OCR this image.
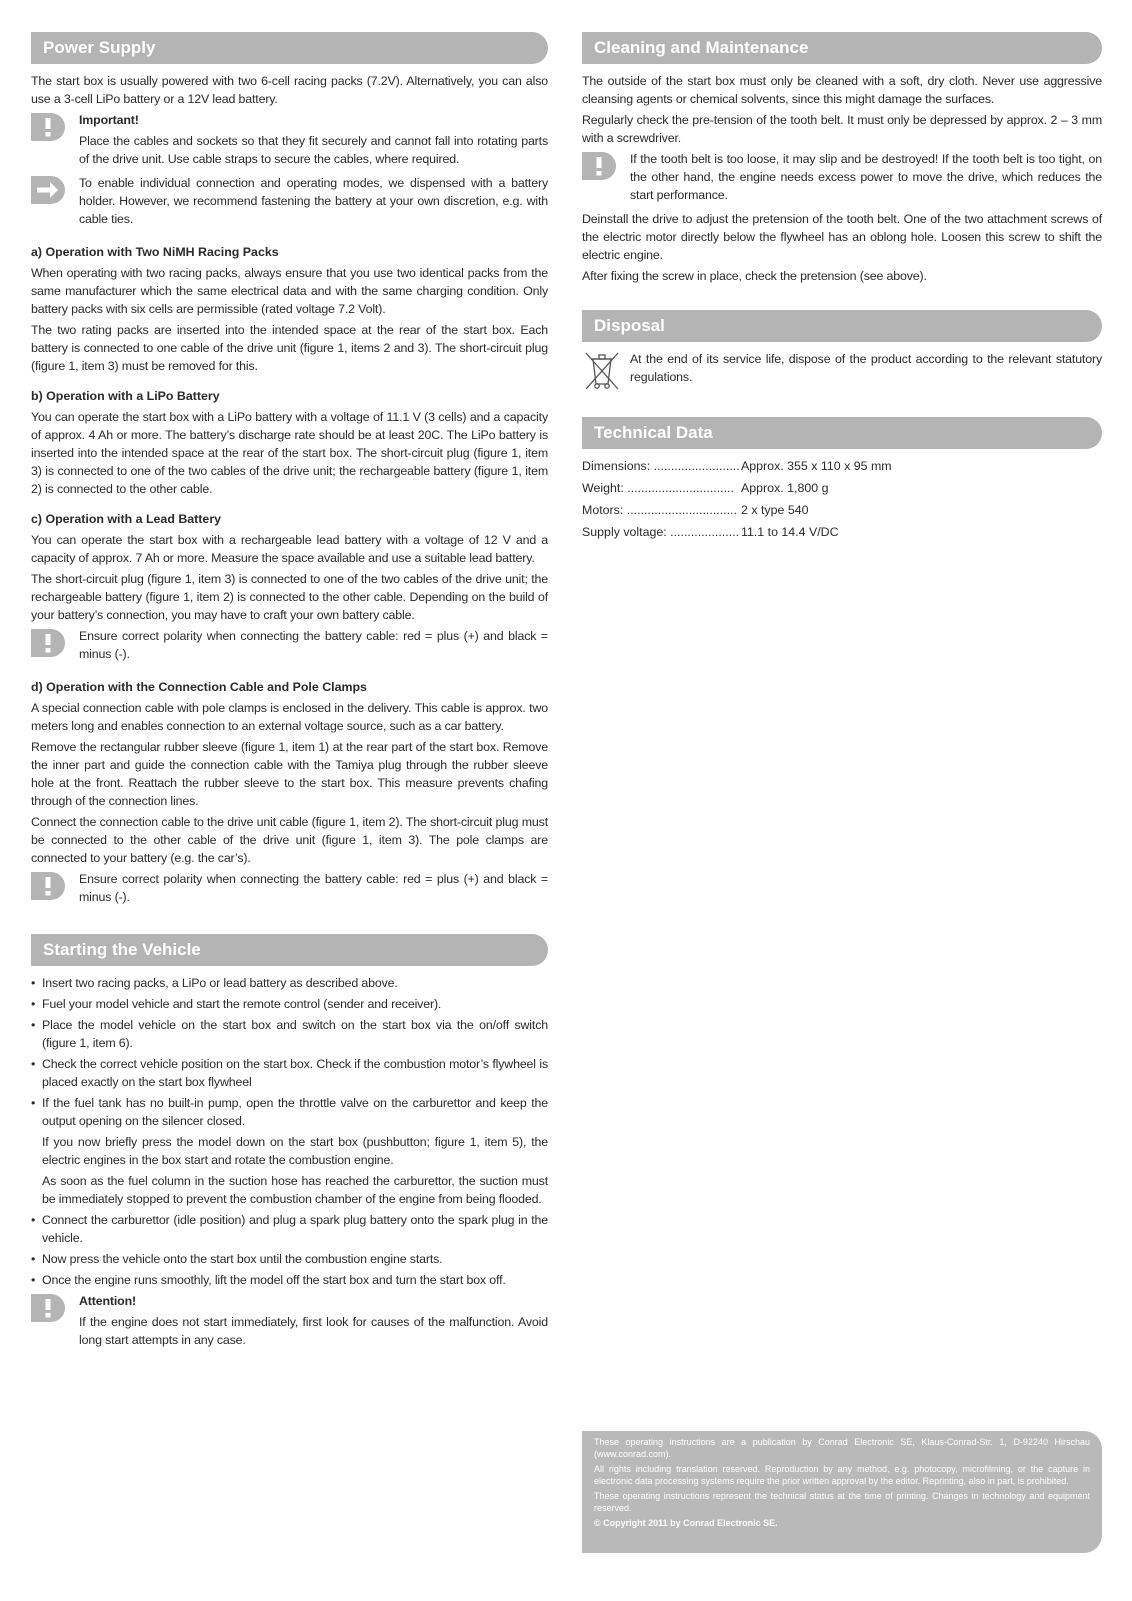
Power Supply

The start box is usually powered with two 6-cell racing packs (7.2V). Alternatively, you can also use a 3-cell LiPo battery or a 12V lead battery.

Important!

Place the cables and sockets so that they fit securely and cannot fall into rotating parts of the drive unit. Use cable straps to secure the cables, where required.

To enable individual connection and operating modes, we dispensed with a battery holder. However, we recommend fastening the battery at your own discretion, e.g. with cable ties.

a) Operation with Two NiMH Racing Packs

When operating with two racing packs, always ensure that you use two identical packs from the same manufacturer which the same electrical data and with the same charging condition. Only battery packs with six cells are permissible (rated voltage 7.2 Volt).

The two rating packs are inserted into the intended space at the rear of the start box. Each battery is connected to one cable of the drive unit (figure 1, items 2 and 3). The short-circuit plug (figure 1, item 3) must be removed for this.

b) Operation with a LiPo Battery

You can operate the start box with a LiPo battery with a voltage of 11.1 V (3 cells) and a capacity of approx. 4 Ah or more. The battery’s discharge rate should be at least 20C. The LiPo battery is inserted into the intended space at the rear of the start box. The short-circuit plug (figure 1, item 3) is connected to one of the two cables of the drive unit; the rechargeable battery (figure 1, item 2) is connected to the other cable.

c) Operation with a Lead Battery

You can operate the start box with a rechargeable lead battery with a voltage of 12 V and a capacity of approx. 7 Ah or more. Measure the space available and use a suitable lead battery.

The short-circuit plug (figure 1, item 3) is connected to one of the two cables of the drive unit; the rechargeable battery (figure 1, item 2) is connected to the other cable. Depending on the build of your battery’s connection, you may have to craft your own battery cable.

Ensure correct polarity when connecting the battery cable: red = plus (+) and black = minus (-).

d) Operation with the Connection Cable and Pole Clamps

A special connection cable with pole clamps is enclosed in the delivery. This cable is approx. two meters long and enables connection to an external voltage source, such as a car battery.

Remove the rectangular rubber sleeve (figure 1, item 1) at the rear part of the start box. Remove the inner part and guide the connection cable with the Tamiya plug through the rubber sleeve hole at the front. Reattach the rubber sleeve to the start box. This measure prevents chafing through of the connection lines.

Connect the connection cable to the drive unit cable (figure 1, item 2). The short-circuit plug must be connected to the other cable of the drive unit (figure 1, item 3). The pole clamps are connected to your battery (e.g. the car’s).

Ensure correct polarity when connecting the battery cable: red = plus (+) and black = minus (-).

Starting the Vehicle
• Insert two racing packs, a LiPo or lead battery as described above.
• Fuel your model vehicle and start the remote control (sender and receiver).
• Place the model vehicle on the start box and switch on the start box via the on/off switch (figure 1, item 6).
• Check the correct vehicle position on the start box. Check if the combustion motor’s flywheel is placed exactly on the start box flywheel
• If the fuel tank has no built-in pump, open the throttle valve on the carburettor and keep the output opening on the silencer closed.
If you now briefly press the model down on the start box (pushbutton; figure 1, item 5), the electric engines in the box start and rotate the combustion engine.
As soon as the fuel column in the suction hose has reached the carburettor, the suction must be immediately stopped to prevent the combustion chamber of the engine from being flooded.
• Connect the carburettor (idle position) and plug a spark plug battery onto the spark plug in the vehicle.
• Now press the vehicle onto the start box until the combustion engine starts.
• Once the engine runs smoothly, lift the model off the start box and turn the start box off.
Attention!

If the engine does not start immediately, first look for causes of the malfunction. Avoid long start attempts in any case.

Cleaning and Maintenance

The outside of the start box must only be cleaned with a soft, dry cloth. Never use aggressive cleansing agents or chemical solvents, since this might damage the surfaces.

Regularly check the pre-tension of the tooth belt. It must only be depressed by approx. 2 – 3 mm with a screwdriver.

If the tooth belt is too loose, it may slip and be destroyed! If the tooth belt is too tight, on the other hand, the engine needs excess power to move the drive, which reduces the start performance.

Deinstall the drive to adjust the pretension of the tooth belt. One of the two attachment screws of the electric motor directly below the flywheel has an oblong hole. Loosen this screw to shift the electric engine.

After fixing the screw in place, check the pretension (see above).

Disposal

At the end of its service life, dispose of the product according to the relevant statutory regulations.

Technical Data
Dimensions: ......................... Approx. 355 x 110 x 95 mm
Weight: ............................... Approx. 1,800 g
Motors: ................................ 2 x type 540
Supply voltage: .................... 11.1 to 14.4 V/DC

These operating instructions are a publication by Conrad Electronic SE, Klaus-Conrad-Str. 1, D-92240 Hirschau (www.conrad.com).

All rights including translation reserved. Reproduction by any method, e.g. photocopy, microfilming, or the capture in electronic data processing systems require the prior written approval by the editor. Reprinting, also in part, is prohibited.

These operating instructions represent the technical status at the time of printing. Changes in technology and equipment reserved.

© Copyright 2011 by Conrad Electronic SE.
